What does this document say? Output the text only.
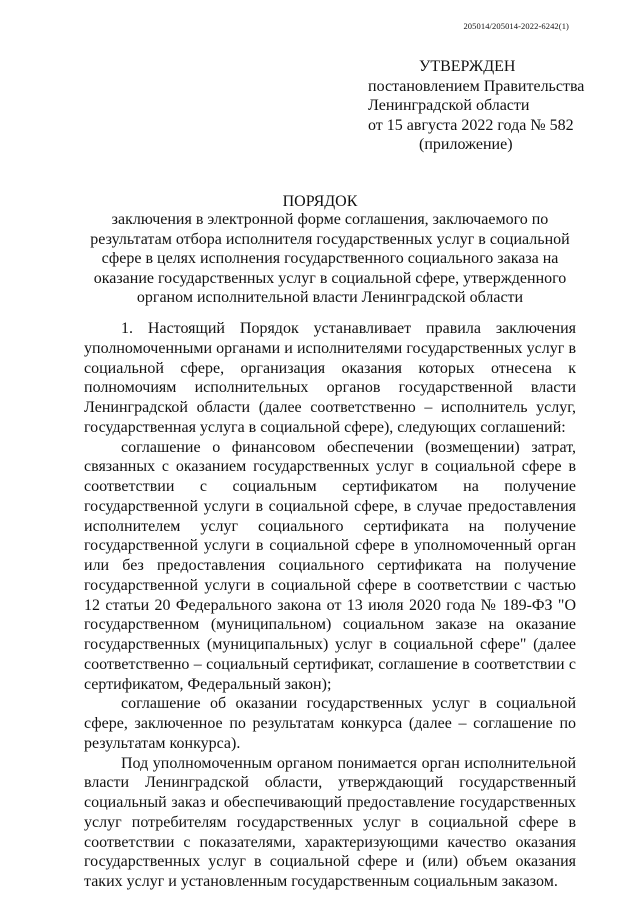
205014/205014-2022-6242(1)
УТВЕРЖДЕН
постановлением Правительства
Ленинградской области
от 15 августа 2022 года № 582
(приложение)
ПОРЯДОК
заключения в электронной форме соглашения, заключаемого по результатам отбора исполнителя государственных услуг в социальной сфере в целях исполнения государственного социального заказа на оказание государственных услуг в социальной сфере, утвержденного органом исполнительной власти Ленинградской области

1. Настоящий Порядок устанавливает правила заключения уполномоченными органами и исполнителями государственных услуг в социальной сфере, организация оказания которых отнесена к полномочиям исполнительных органов государственной власти Ленинградской области (далее соответственно – исполнитель услуг, государственная услуга в социальной сфере), следующих соглашений:

соглашение о финансовом обеспечении (возмещении) затрат, связанных с оказанием государственных услуг в социальной сфере в соответствии с социальным сертификатом на получение государственной услуги в социальной сфере, в случае предоставления исполнителем услуг социального сертификата на получение государственной услуги в социальной сфере в уполномоченный орган или без предоставления социального сертификата на получение государственной услуги в социальной сфере в соответствии с частью 12 статьи 20 Федерального закона от 13 июля 2020 года № 189-ФЗ "О государственном (муниципальном) социальном заказе на оказание государственных (муниципальных) услуг в социальной сфере" (далее соответственно – социальный сертификат, соглашение в соответствии с сертификатом, Федеральный закон);

соглашение об оказании государственных услуг в социальной сфере, заключенное по результатам конкурса (далее – соглашение по результатам конкурса).

Под уполномоченным органом понимается орган исполнительной власти Ленинградской области, утверждающий государственный социальный заказ и обеспечивающий предоставление государственных услуг потребителям государственных услуг в социальной сфере в соответствии с показателями, характеризующими качество оказания государственных услуг в социальной сфере и (или) объем оказания таких услуг и установленным государственным социальным заказом.
